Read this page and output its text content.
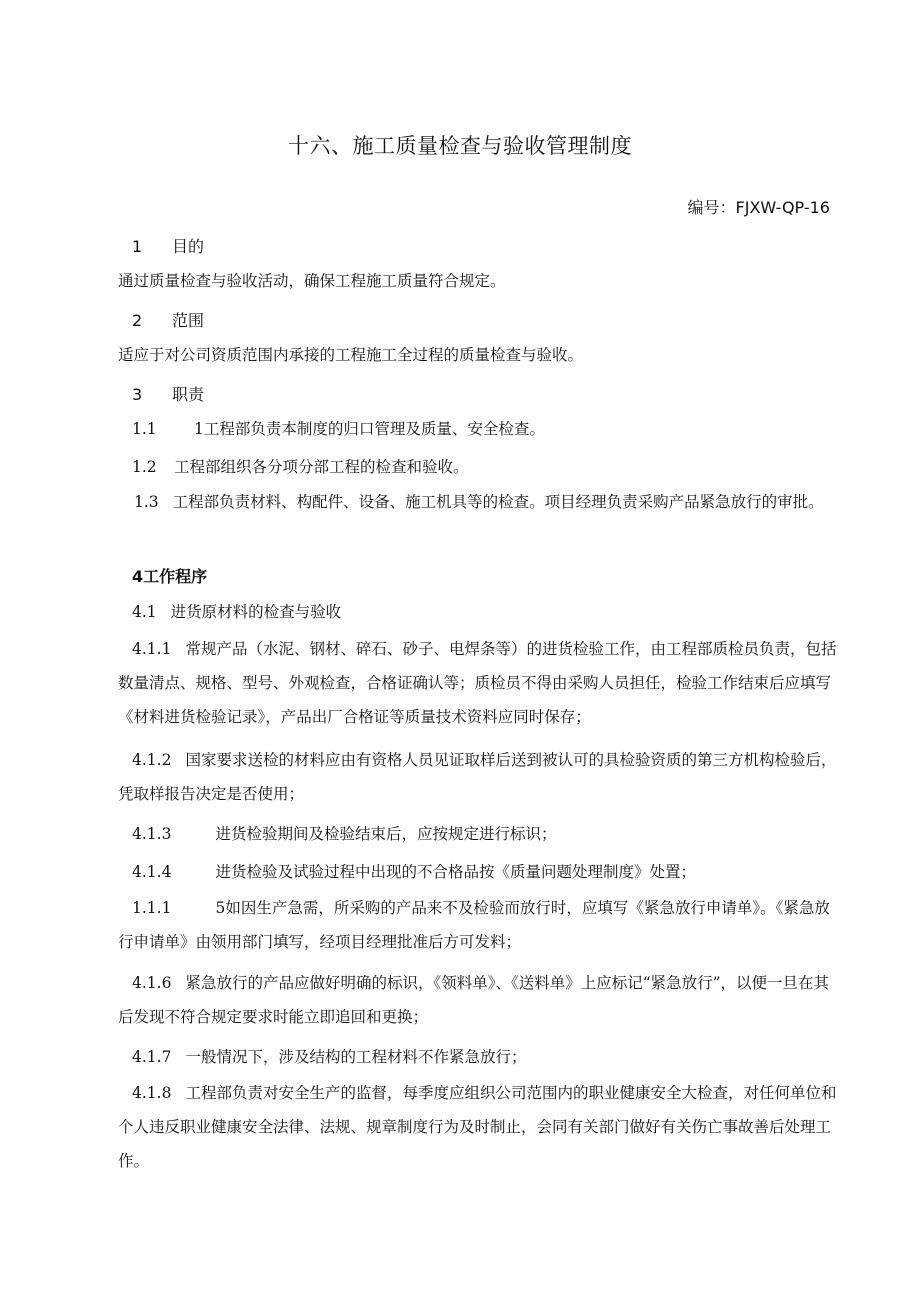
十六、施工质量检查与验收管理制度
编号：FJXW-QP-16
1 目的
通过质量检查与验收活动，确保工程施工质量符合规定。
2 范围
适应于对公司资质范围内承接的工程施工全过程的质量检查与验收。
3 职责
1.1 1工程部负责本制度的归口管理及质量、安全检查。
1.2 工程部组织各分项分部工程的检查和验收。
1.3 工程部负责材料、构配件、设备、施工机具等的检查。项目经理负责采购产品紧急放行的审批。
4工作程序
4.1 进货原材料的检查与验收
4.1.1 常规产品（水泥、钢材、碎石、砂子、电焊条等）的进货检验工作，由工程部质检员负责，包括数量清点、规格、型号、外观检查，合格证确认等；质检员不得由采购人员担任，检验工作结束后应填写《材料进货检验记录》，产品出厂合格证等质量技术资料应同时保存；
4.1.2 国家要求送检的材料应由有资格人员见证取样后送到被认可的具检验资质的第三方机构检验后，凭取样报告决定是否使用；
4.1.3	进货检验期间及检验结束后，应按规定进行标识；
4.1.4	进货检验及试验过程中出现的不合格品按《质量问题处理制度》处置；
1.1.1	5如因生产急需，所采购的产品来不及检验而放行时，应填写《紧急放行申请单》。《紧急放行申请单》由领用部门填写，经项目经理批准后方可发料；
4.1.6 紧急放行的产品应做好明确的标识，《领料单》、《送料单》上应标记“紧急放行”，以便一旦在其后发现不符合规定要求时能立即追回和更换；
4.1.7 一般情况下，涉及结构的工程材料不作紧急放行；
4.1.8 工程部负责对安全生产的监督，每季度应组织公司范围内的职业健康安全大检查，对任何单位和个人违反职业健康安全法律、法规、规章制度行为及时制止，会同有关部门做好有关伤亡事故善后处理工作。
